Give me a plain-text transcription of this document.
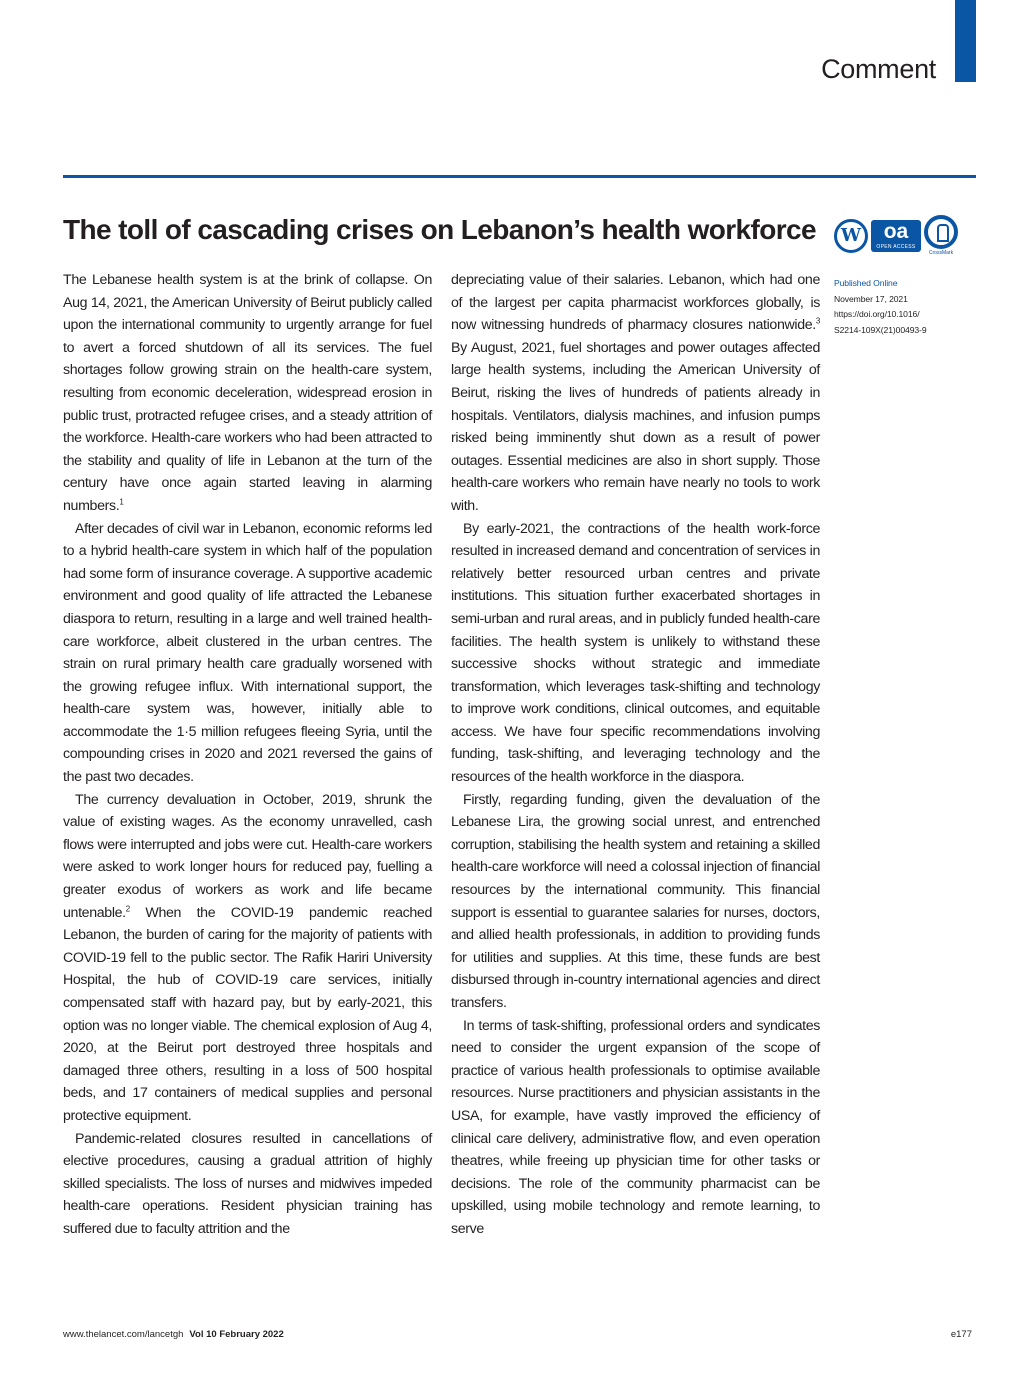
Comment
The toll of cascading crises on Lebanon’s health workforce	W	oa
OPEN ACCESS
CrossMark

The Lebanese health system is at the brink of collapse. On Aug 14, 2021, the American University of Beirut publicly called upon the international community to urgently arrange for fuel to avert a forced shutdown of all its services. The fuel shortages follow growing strain on the health-care system, resulting from economic deceleration, widespread erosion in public trust, protracted refugee crises, and a steady attrition of the workforce. Health-care workers who had been attracted to the stability and quality of life in Lebanon at the turn of the century have once again started leaving in alarming numbers.$^1$

After decades of civil war in Lebanon, economic reforms led to a hybrid health-care system in which half of the population had some form of insurance coverage. A supportive academic environment and good quality of life attracted the Lebanese diaspora to return, resulting in a large and well trained health-care workforce, albeit clustered in the urban centres. The strain on rural primary health care gradually worsened with the growing refugee influx. With international support, the health-care system was, however, initially able to accommodate the 1·5 million refugees fleeing Syria, until the compounding crises in 2020 and 2021 reversed the gains of the past two decades.

The currency devaluation in October, 2019, shrunk the value of existing wages. As the economy unravelled, cash flows were interrupted and jobs were cut. Health-care workers were asked to work longer hours for reduced pay, fuelling a greater exodus of workers as work and life became untenable.$^2$ When the COVID-19 pandemic reached Lebanon, the burden of caring for the majority of patients with COVID-19 fell to the public sector. The Rafik Hariri University Hospital, the hub of COVID-19 care services, initially compensated staff with hazard pay, but by early-2021, this option was no longer viable. The chemical explosion of Aug 4, 2020, at the Beirut port destroyed three hospitals and damaged three others, resulting in a loss of 500 hospital beds, and 17 containers of medical supplies and personal protective equipment.

Pandemic-related closures resulted in cancellations of elective procedures, causing a gradual attrition of highly skilled specialists. The loss of nurses and midwives impeded health-care operations. Resident physician training has suffered due to faculty attrition and the

depreciating value of their salaries. Lebanon, which had one of the largest per capita pharmacist workforces globally, is now witnessing hundreds of pharmacy closures nationwide.$^3$ By August, 2021, fuel shortages and power outages affected large health systems, including the American University of Beirut, risking the lives of hundreds of patients already in hospitals. Ventilators, dialysis machines, and infusion pumps risked being imminently shut down as a result of power outages. Essential medicines are also in short supply. Those health-care workers who remain have nearly no tools to work with.

By early-2021, the contractions of the health work-force resulted in increased demand and concentration of services in relatively better resourced urban centres and private institutions. This situation further exacerbated shortages in semi-urban and rural areas, and in publicly funded health-care facilities. The health system is unlikely to withstand these successive shocks without strategic and immediate transformation, which leverages task-shifting and technology to improve work conditions, clinical outcomes, and equitable access. We have four specific recommendations involving funding, task-shifting, and leveraging technology and the resources of the health workforce in the diaspora.

Firstly, regarding funding, given the devaluation of the Lebanese Lira, the growing social unrest, and entrenched corruption, stabilising the health system and retaining a skilled health-care workforce will need a colossal injection of financial resources by the international community. This financial support is essential to guarantee salaries for nurses, doctors, and allied health professionals, in addition to providing funds for utilities and supplies. At this time, these funds are best disbursed through in-country international agencies and direct transfers.

In terms of task-shifting, professional orders and syndicates need to consider the urgent expansion of the scope of practice of various health professionals to optimise available resources. Nurse practitioners and physician assistants in the USA, for example, have vastly improved the efficiency of clinical care delivery, administrative flow, and even operation theatres, while freeing up physician time for other tasks or decisions. The role of the community pharmacist can be upskilled, using mobile technology and remote learning, to serve

Published Online
November 17, 2021
https://doi.org/10.1016/
S2214-109X(21)00493-9
www.thelancet.com/lancetgh Vol 10 February 2022	e177
